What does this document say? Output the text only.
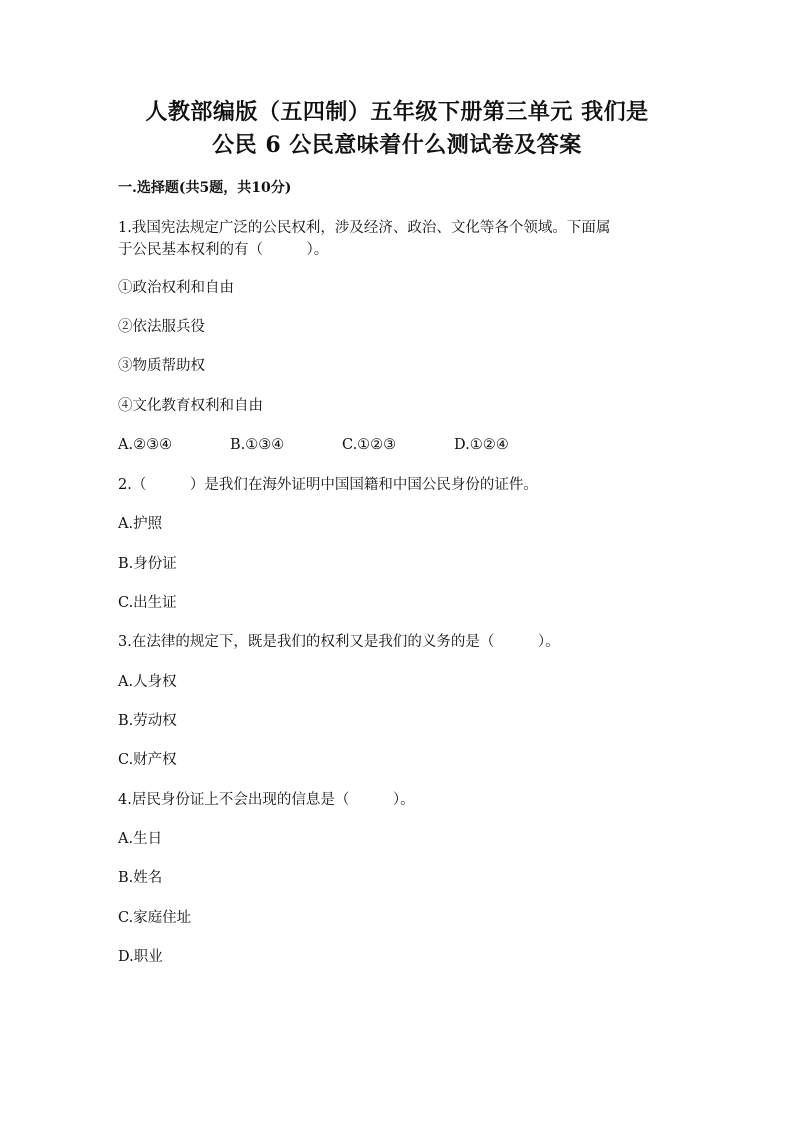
人教部编版（五四制）五年级下册第三单元 我们是
公民 6 公民意味着什么测试卷及答案
一.选择题(共5题，共10分)
1.我国宪法规定广泛的公民权利，涉及经济、政治、文化等各个领域。下面属
于公民基本权利的有（　　　）。
①政治权利和自由
②依法服兵役
③物质帮助权
④文化教育权利和自由

A.②③④

	B.①③④

	C.①②③

	D.①②④

2.（　　　）是我们在海外证明中国国籍和中国公民身份的证件。
A.护照
B.身份证
C.出生证
3.在法律的规定下，既是我们的权利又是我们的义务的是（　　　）。
A.人身权
B.劳动权
C.财产权
4.居民身份证上不会出现的信息是（　　　）。
A.生日
B.姓名
C.家庭住址
D.职业
